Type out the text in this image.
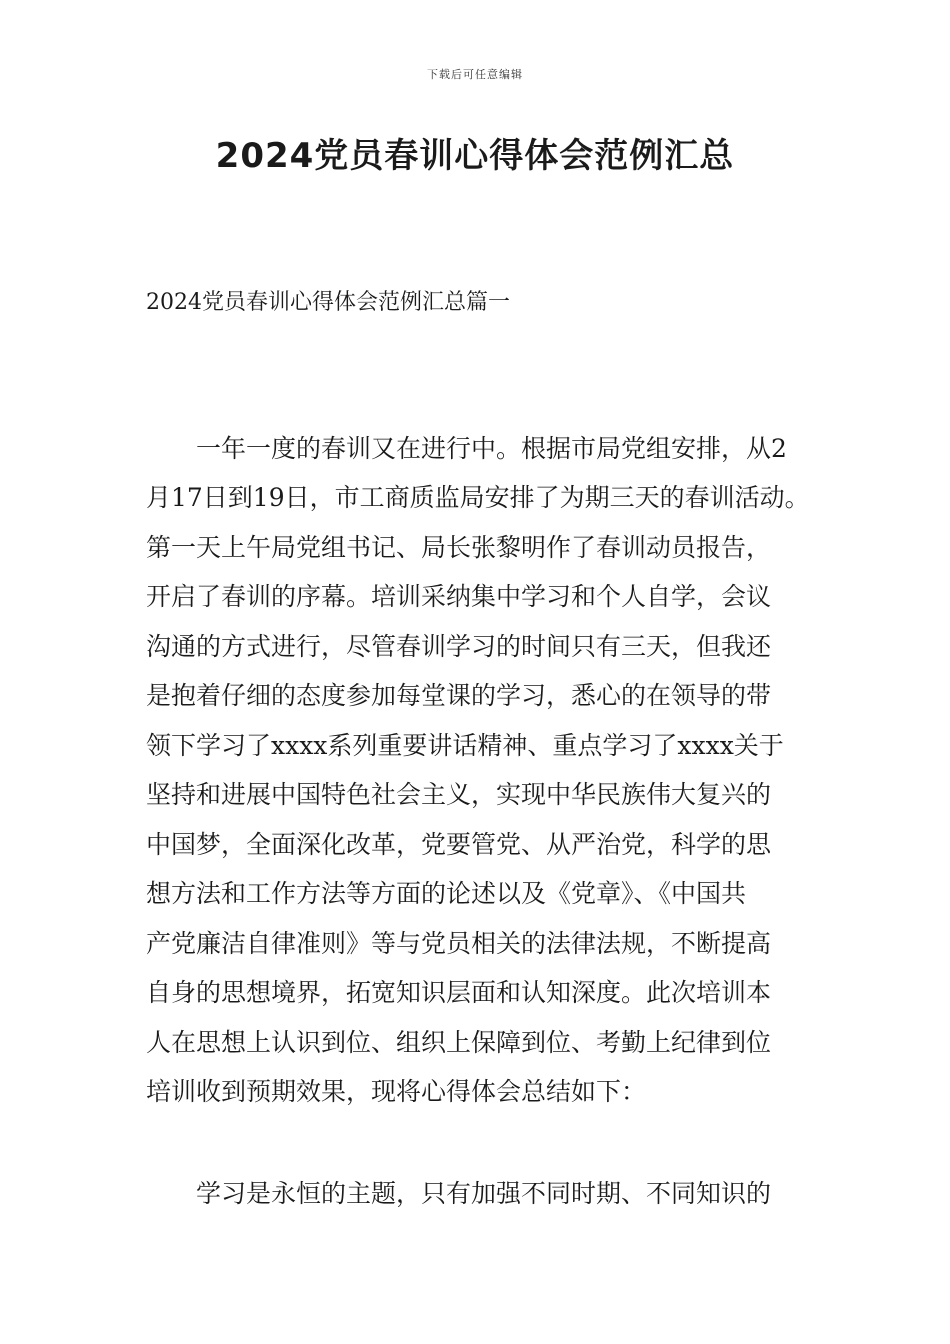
下载后可任意编辑
2024党员春训心得体会范例汇总
2024党员春训心得体会范例汇总篇一
一年一度的春训又在进行中。根据市局党组安排，从2
月17日到19日，市工商质监局安排了为期三天的春训活动。
第一天上午局党组书记、局长张黎明作了春训动员报告，
开启了春训的序幕。培训采纳集中学习和个人自学，会议
沟通的方式进行，尽管春训学习的时间只有三天，但我还
是抱着仔细的态度参加每堂课的学习，悉心的在领导的带
领下学习了xxxx系列重要讲话精神、重点学习了xxxx关于
坚持和进展中国特色社会主义，实现中华民族伟大复兴的
中国梦，全面深化改革，党要管党、从严治党，科学的思
想方法和工作方法等方面的论述以及《党章》、《中国共
产党廉洁自律准则》等与党员相关的法律法规，不断提高
自身的思想境界，拓宽知识层面和认知深度。此次培训本
人在思想上认识到位、组织上保障到位、考勤上纪律到位
培训收到预期效果，现将心得体会总结如下：
学习是永恒的主题，只有加强不同时期、不同知识的
